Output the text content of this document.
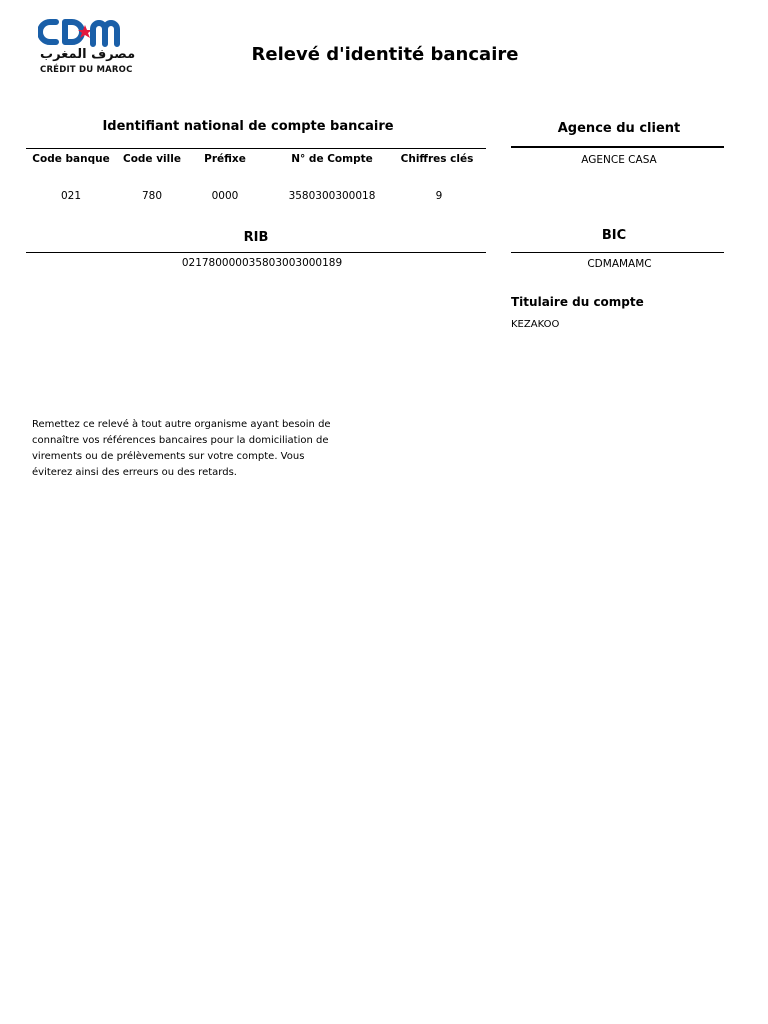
مصرف المغرب
CRÉDIT DU MAROC
Relevé d'identité bancaire
Identifiant national de compte bancaire
Code banque	Code ville	Préfixe	N° de Compte	Chiffres clés
021	780	0000	3580300300018	9
Agence du client
AGENCE CASA
RIB
021780000035803003000189
BIC
CDMAMAMC
Titulaire du compte
KEZAKOO
Remettez ce relevé à tout autre organisme ayant besoin de connaître vos références bancaires pour la domiciliation de virements ou de prélèvements sur votre compte. Vous éviterez ainsi des erreurs ou des retards.
